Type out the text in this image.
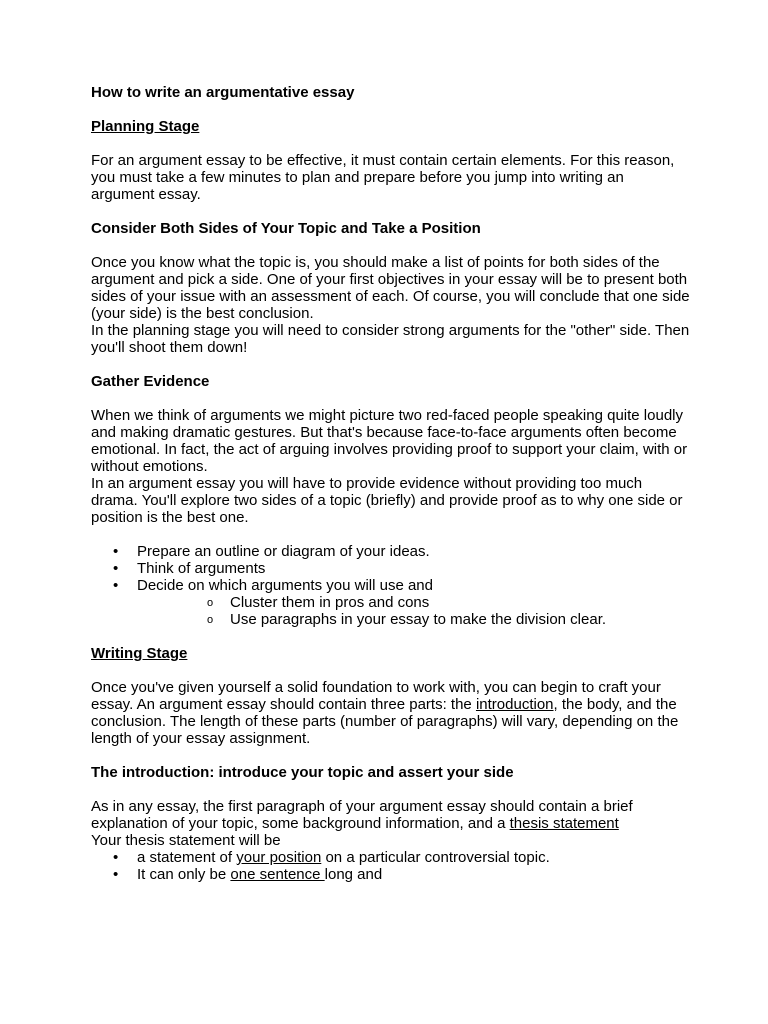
How to write an argumentative essay
Planning Stage

For an argument essay to be effective, it must contain certain elements. For this reason, you must take a few minutes to plan and prepare before you jump into writing an argument essay.

Consider Both Sides of Your Topic and Take a Position

Once you know what the topic is, you should make a list of points for both sides of the argument and pick a side. One of your first objectives in your essay will be to present both sides of your issue with an assessment of each. Of course, you will conclude that one side (your side) is the best conclusion.

In the planning stage you will need to consider strong arguments for the "other" side. Then you'll shoot them down!

Gather Evidence

When we think of arguments we might picture two red-faced people speaking quite loudly and making dramatic gestures. But that's because face-to-face arguments often become emotional. In fact, the act of arguing involves providing proof to support your claim, with or without emotions.

In an argument essay you will have to provide evidence without providing too much drama. You'll explore two sides of a topic (briefly) and provide proof as to why one side or position is the best one.

• Prepare an outline or diagram of your ideas.
• Think of arguments
• Decide on which arguments you will use and
o Cluster them in pros and cons
o Use paragraphs in your essay to make the division clear.
Writing Stage

Once you've given yourself a solid foundation to work with, you can begin to craft your essay. An argument essay should contain three parts: the introduction, the body, and the conclusion. The length of these parts (number of paragraphs) will vary, depending on the length of your essay assignment.

The introduction: introduce your topic and assert your side

As in any essay, the first paragraph of your argument essay should contain a brief explanation of your topic, some background information, and a thesis statement

Your thesis statement will be

• a statement of your position on a particular controversial topic.
• It can only be one sentence long and
